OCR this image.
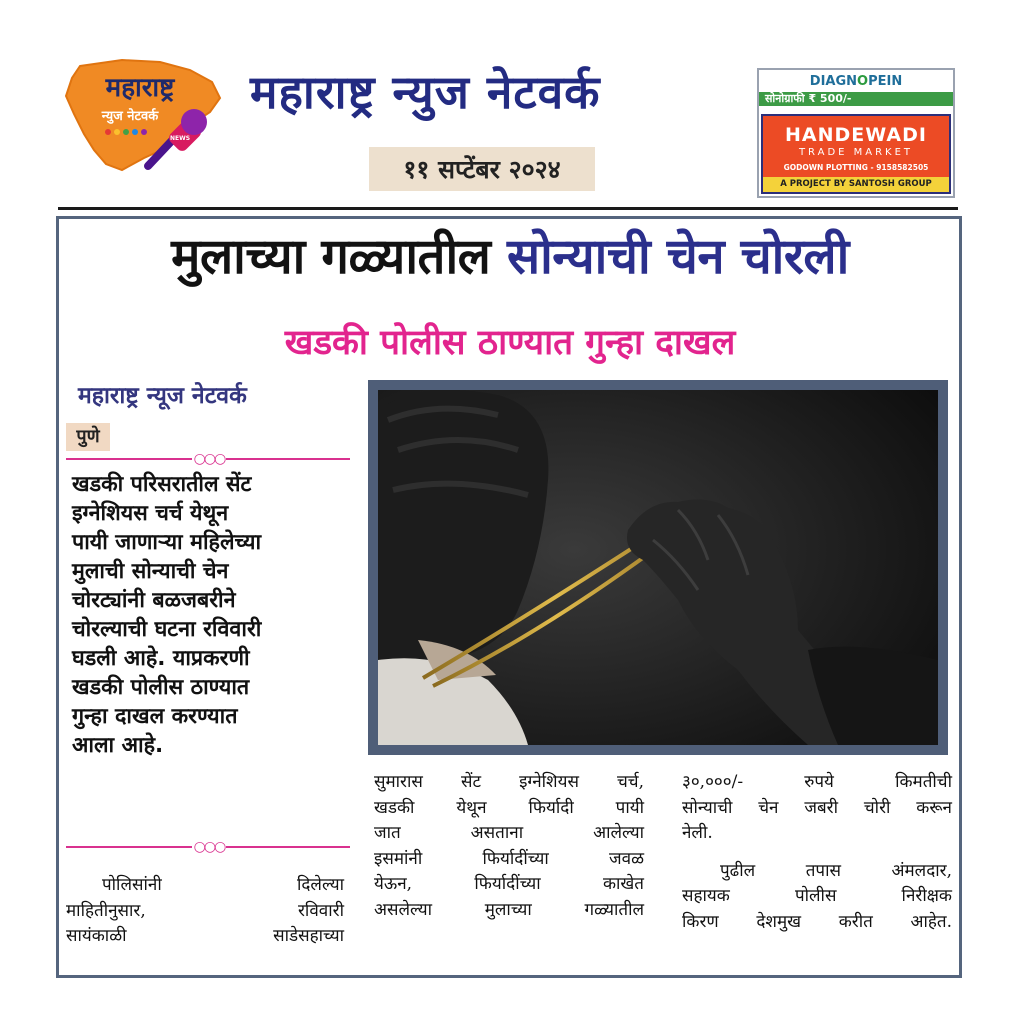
महाराष्ट्र
न्युज नेटवर्क
NEWS
महाराष्ट्र न्युज नेटवर्क
११ सप्टेंबर २०२४
DIAGN O PEIN
सोनोग्राफी ₹ 500/-
HANDEWADI
TRADE MARKET
GODOWN PLOTTING - 9158582505
A PROJECT BY SANTOSH GROUP
मुलाच्या गळ्यातील सोन्याची चेन चोरली
खडकी पोलीस ठाण्यात गुन्हा दाखल
महाराष्ट्र न्यूज नेटवर्क
पुणे
○○○
खडकी परिसरातील सेंट
इग्नेशियस चर्च येथून
पायी जाणाऱ्या महिलेच्या
मुलाची सोन्याची चेन
चोरट्यांनी बळजबरीने
चोरल्याची घटना रविवारी
घडली आहे. याप्रकरणी
खडकी पोलीस ठाण्यात
गुन्हा दाखल करण्यात
आला आहे.
○○○
पोलिसांनी दिलेल्या
माहितीनुसार, रविवारी
सायंकाळी साडेसहाच्या
सुमारास सेंट इग्नेशियस चर्च,
खडकी येथून फिर्यादी पायी
जात असताना आलेल्या
इसमांनी फिर्यादींच्या जवळ
येऊन, फिर्यादींच्या काखेत
असलेल्या मुलाच्या गळ्यातील
३०,०००/- रुपये किमतीची
सोन्याची चेन जबरी चोरी करून
नेली.
पुढील तपास अंमलदार,
सहायक पोलीस निरीक्षक
किरण देशमुख करीत आहेत.
